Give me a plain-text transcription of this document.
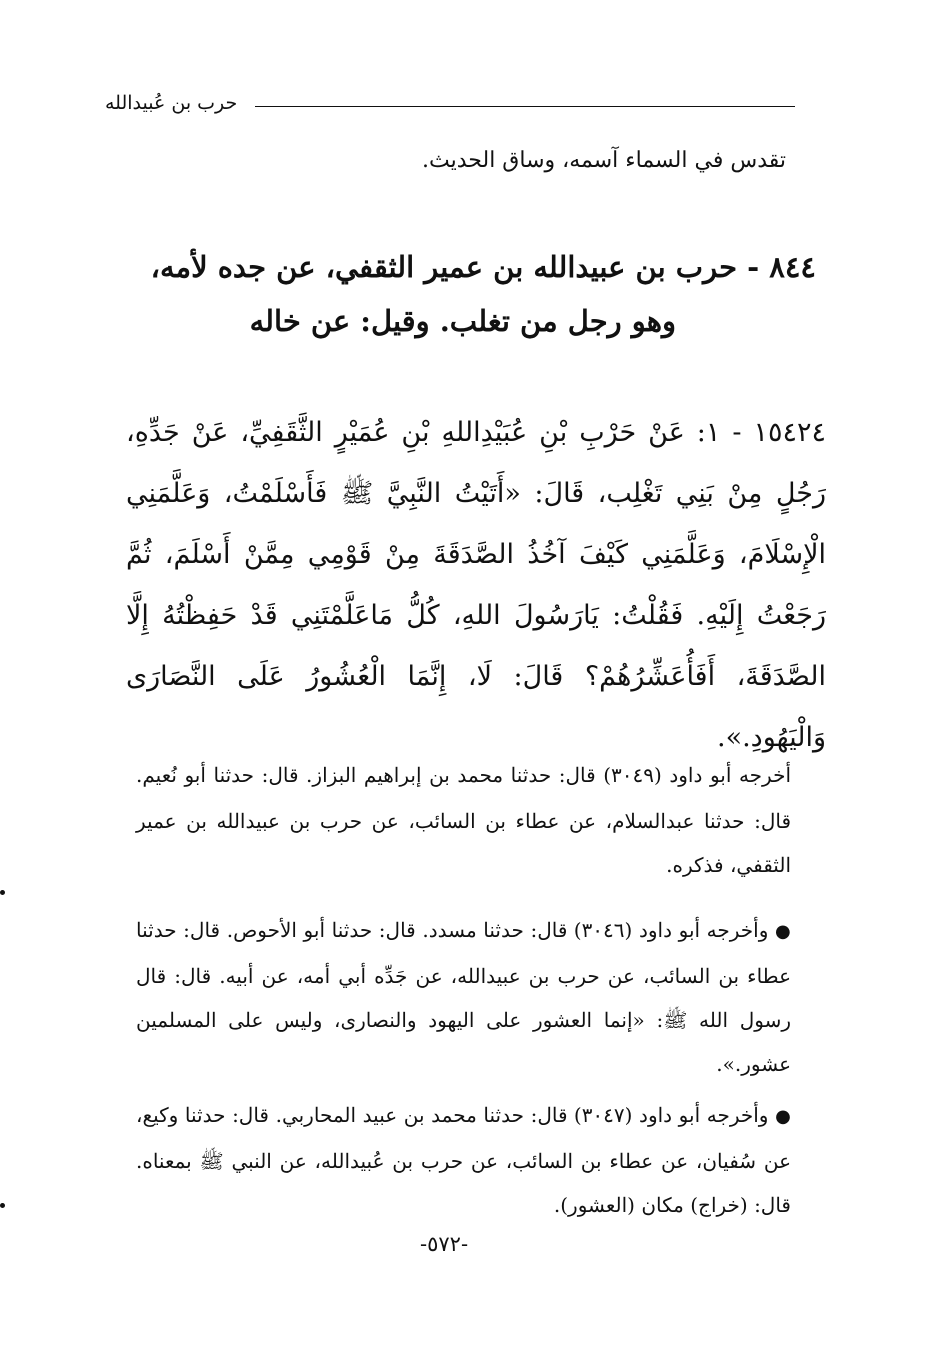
حرب بن عُبيدالله
تقدس في السماء آسمه، وساق الحديث.
٨٤٤ - حرب بن عبيدالله بن عمير الثقفي، عن جده لأمه،
وهو رجل من تغلب. وقيل: عن خاله
١٥٤٢٤ - ١: عَنْ حَرْبِ بْنِ عُبَيْدِاللهِ بْنِ عُمَيْرٍ الثَّقَفِيِّ، عَنْ جَدِّهِ، رَجُلٍ مِنْ بَنِي تَغْلِب، قَالَ: «أَتَيْتُ النَّبِيَّ ﷺ فَأَسْلَمْتُ، وَعَلَّمَنِي الْإِسْلَامَ، وَعَلَّمَنِي كَيْفَ آخُذُ الصَّدَقَةَ مِنْ قَوْمِي مِمَّنْ أَسْلَمَ، ثُمَّ رَجَعْتُ إِلَيْهِ. فَقُلْتُ: يَارَسُولَ اللهِ، كُلُّ مَاعَلَّمْتَنِي قَدْ حَفِظْتُهُ إِلَّا الصَّدَقَةَ، أَفَأُعَشِّرُهُمْ؟ قَالَ: لَا، إِنَّمَا الْعُشُورُ عَلَى النَّصَارَى وَالْيَهُودِ.».
أخرجه أبو داود (٣٠٤٩) قال: حدثنا محمد بن إبراهيم البزاز. قال: حدثنا أبو نُعيم. قال: حدثنا عبدالسلام، عن عطاء بن السائب، عن حرب بن عبيدالله بن عمير الثقفي، فذكره.
● وأخرجه أبو داود (٣٠٤٦) قال: حدثنا مسدد. قال: حدثنا أبو الأحوص. قال: حدثنا عطاء بن السائب، عن حرب بن عبيدالله، عن جَدِّه أبي أمه، عن أبيه. قال: قال رسول الله ﷺ: «إنما العشور على اليهود والنصارى، وليس على المسلمين عشور.».
● وأخرجه أبو داود (٣٠٤٧) قال: حدثنا محمد بن عبيد المحاربي. قال: حدثنا وكيع، عن سُفيان، عن عطاء بن السائب، عن حرب بن عُبيدالله، عن النبي ﷺ بمعناه. قال: (خراج) مكان (العشور).
-٥٧٢-
